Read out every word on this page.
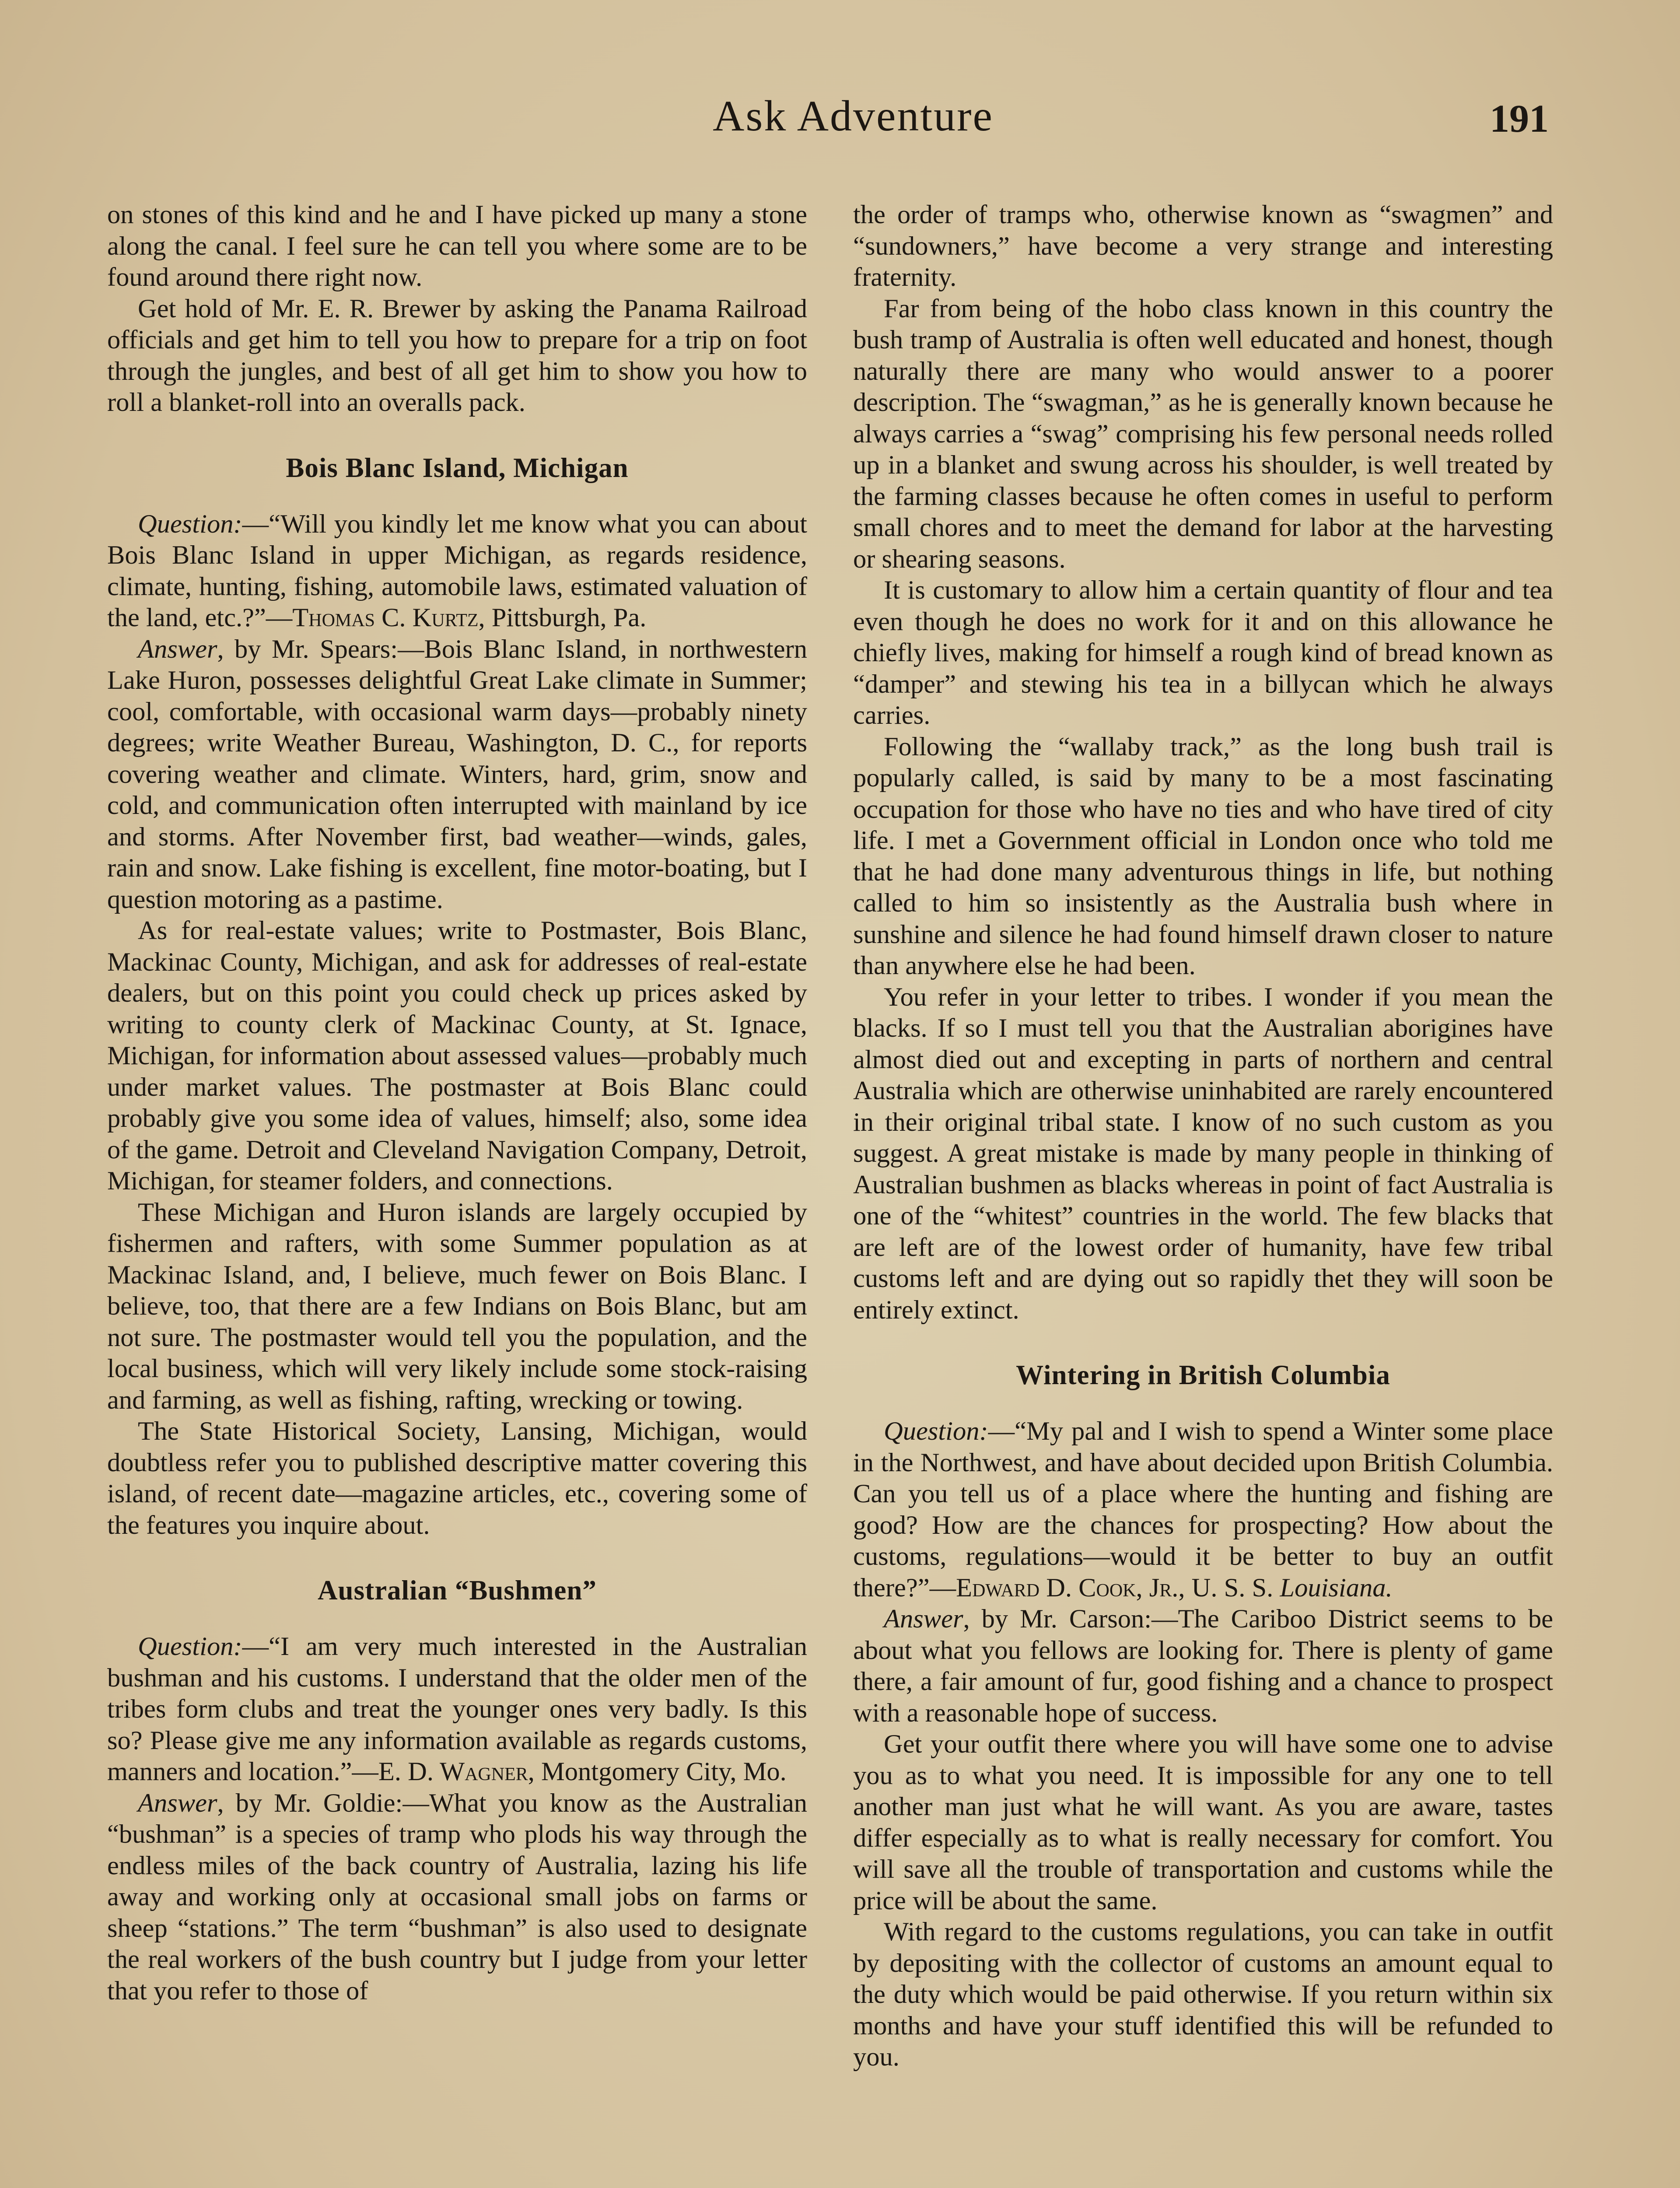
Ask Adventure	191

on stones of this kind and he and I have picked up many a stone along the canal. I feel sure he can tell you where some are to be found around there right now.

Get hold of Mr. E. R. Brewer by asking the Panama Railroad officials and get him to tell you how to prepare for a trip on foot through the jungles, and best of all get him to show you how to roll a blanket-roll into an overalls pack.

Bois Blanc Island, Michigan

Question:—“Will you kindly let me know what you can about Bois Blanc Island in upper Michigan, as regards residence, climate, hunting, fishing, automobile laws, estimated valuation of the land, etc.?”—Thomas C. Kurtz, Pittsburgh, Pa.

Answer, by Mr. Spears:—Bois Blanc Island, in northwestern Lake Huron, possesses delightful Great Lake climate in Summer; cool, comfortable, with occasional warm days—probably ninety degrees; write Weather Bureau, Washington, D. C., for reports covering weather and climate. Winters, hard, grim, snow and cold, and communication often interrupted with mainland by ice and storms. After November first, bad weather—winds, gales, rain and snow. Lake fishing is excellent, fine motor-boating, but I question motoring as a pastime.

As for real-estate values; write to Postmaster, Bois Blanc, Mackinac County, Michigan, and ask for addresses of real-estate dealers, but on this point you could check up prices asked by writing to county clerk of Mackinac County, at St. Ignace, Michigan, for information about assessed values—probably much under market values. The postmaster at Bois Blanc could probably give you some idea of values, himself; also, some idea of the game. Detroit and Cleveland Navigation Company, Detroit, Michigan, for steamer folders, and connections.

These Michigan and Huron islands are largely occupied by fishermen and rafters, with some Summer population as at Mackinac Island, and, I believe, much fewer on Bois Blanc. I believe, too, that there are a few Indians on Bois Blanc, but am not sure. The postmaster would tell you the population, and the local business, which will very likely include some stock-raising and farming, as well as fishing, rafting, wrecking or towing.

The State Historical Society, Lansing, Michigan, would doubtless refer you to published descriptive matter covering this island, of recent date—magazine articles, etc., covering some of the features you inquire about.

Australian “Bushmen”

Question:—“I am very much interested in the Australian bushman and his customs. I understand that the older men of the tribes form clubs and treat the younger ones very badly. Is this so? Please give me any information available as regards customs, manners and location.”—E. D. Wagner, Montgomery City, Mo.

Answer, by Mr. Goldie:—What you know as the Australian “bushman” is a species of tramp who plods his way through the endless miles of the back country of Australia, lazing his life away and working only at occasional small jobs on farms or sheep “stations.” The term “bushman” is also used to designate the real workers of the bush country but I judge from your letter that you refer to those of

the order of tramps who, otherwise known as “swagmen” and “sundowners,” have become a very strange and interesting fraternity.

Far from being of the hobo class known in this country the bush tramp of Australia is often well educated and honest, though naturally there are many who would answer to a poorer description. The “swagman,” as he is generally known because he always carries a “swag” comprising his few personal needs rolled up in a blanket and swung across his shoulder, is well treated by the farming classes because he often comes in useful to perform small chores and to meet the demand for labor at the harvesting or shearing seasons.

It is customary to allow him a certain quantity of flour and tea even though he does no work for it and on this allowance he chiefly lives, making for himself a rough kind of bread known as “damper” and stewing his tea in a billycan which he always carries.

Following the “wallaby track,” as the long bush trail is popularly called, is said by many to be a most fascinating occupation for those who have no ties and who have tired of city life. I met a Government official in London once who told me that he had done many adventurous things in life, but nothing called to him so insistently as the Australia bush where in sunshine and silence he had found himself drawn closer to nature than anywhere else he had been.

You refer in your letter to tribes. I wonder if you mean the blacks. If so I must tell you that the Australian aborigines have almost died out and excepting in parts of northern and central Australia which are otherwise uninhabited are rarely encountered in their original tribal state. I know of no such custom as you suggest. A great mistake is made by many people in thinking of Australian bushmen as blacks whereas in point of fact Australia is one of the “whitest” countries in the world. The few blacks that are left are of the lowest order of humanity, have few tribal customs left and are dying out so rapidly thet they will soon be entirely extinct.

Wintering in British Columbia

Question:—“My pal and I wish to spend a Winter some place in the Northwest, and have about decided upon British Columbia. Can you tell us of a place where the hunting and fishing are good? How are the chances for prospecting? How about the customs, regulations—would it be better to buy an outfit there?”—Edward D. Cook, Jr., U. S. S. Louisiana.

Answer, by Mr. Carson:—The Cariboo District seems to be about what you fellows are looking for. There is plenty of game there, a fair amount of fur, good fishing and a chance to prospect with a reasonable hope of success.

Get your outfit there where you will have some one to advise you as to what you need. It is impossible for any one to tell another man just what he will want. As you are aware, tastes differ especially as to what is really necessary for comfort. You will save all the trouble of transportation and customs while the price will be about the same.

With regard to the customs regulations, you can take in outfit by depositing with the collector of customs an amount equal to the duty which would be paid otherwise. If you return within six months and have your stuff identified this will be refunded to you.
